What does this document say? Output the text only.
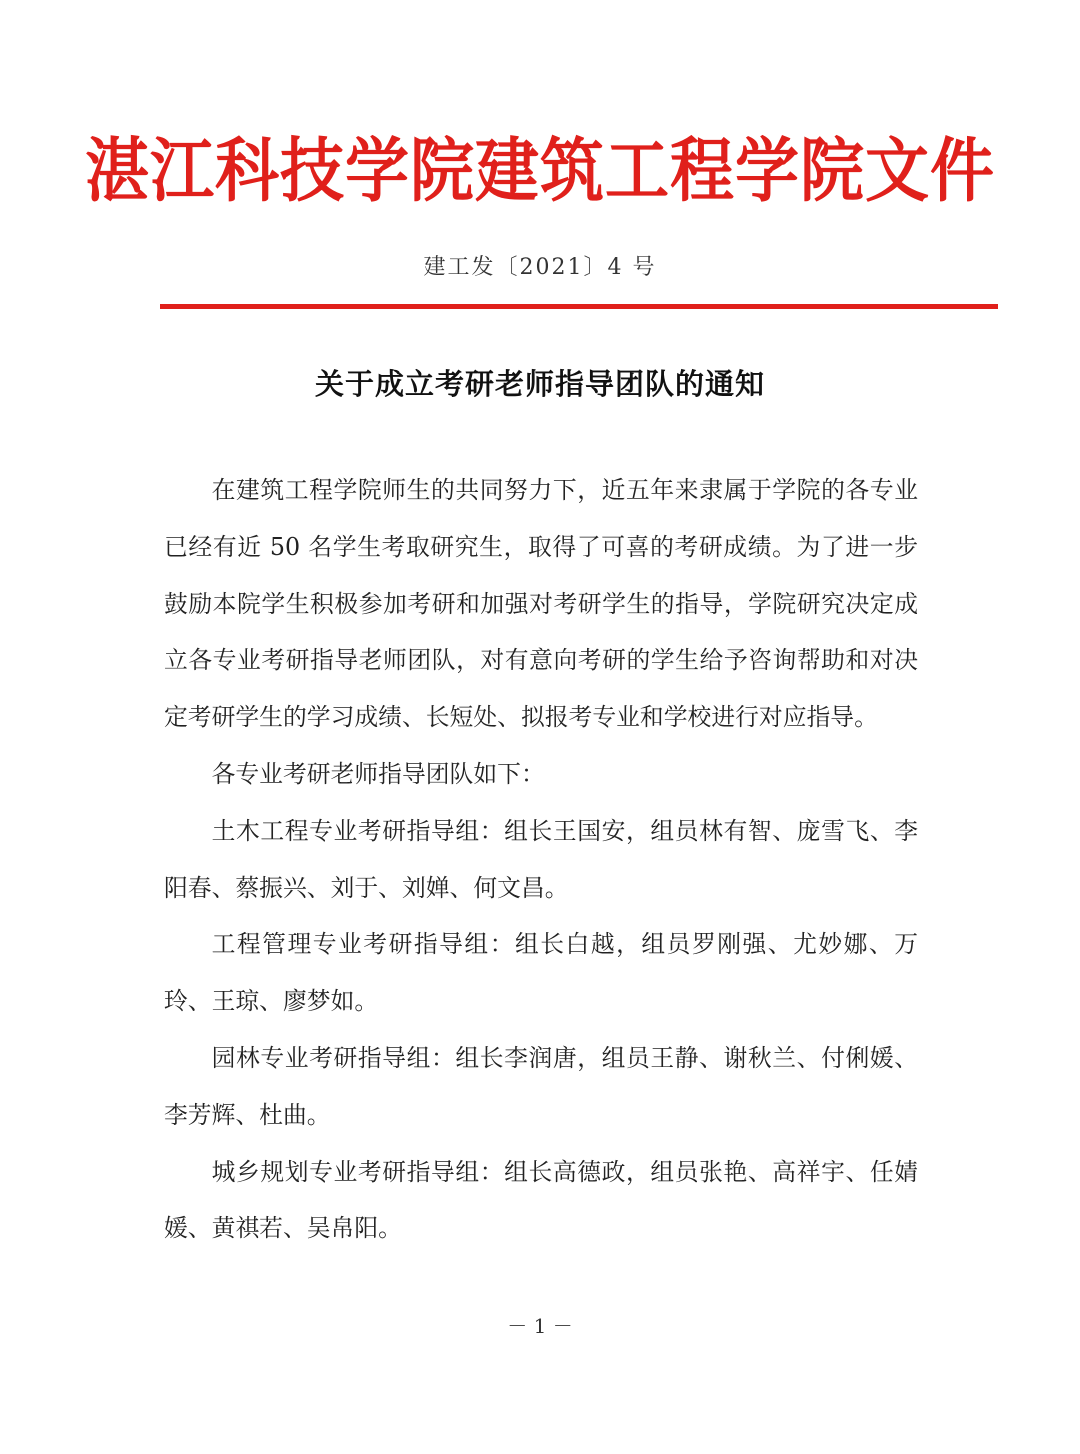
湛江科技学院建筑工程学院文件
建工发〔2021〕4 号
关于成立考研老师指导团队的通知

在建筑工程学院师生的共同努力下，近五年来隶属于学院的各专业已经有近 50 名学生考取研究生，取得了可喜的考研成绩。为了进一步鼓励本院学生积极参加考研和加强对考研学生的指导，学院研究决定成立各专业考研指导老师团队，对有意向考研的学生给予咨询帮助和对决定考研学生的学习成绩、长短处、拟报考专业和学校进行对应指导。

各专业考研老师指导团队如下：

土木工程专业考研指导组：组长王国安，组员林有智、庞雪飞、李阳春、蔡振兴、刘于、刘婵、何文昌。

工程管理专业考研指导组：组长白越，组员罗刚强、尤妙娜、万玲、王琼、廖梦如。

园林专业考研指导组：组长李润唐，组员王静、谢秋兰、付俐媛、李芳辉、杜曲。

城乡规划专业考研指导组：组长高德政，组员张艳、高祥宇、任婧媛、黄祺若、吴帛阳。

－ 1 －
